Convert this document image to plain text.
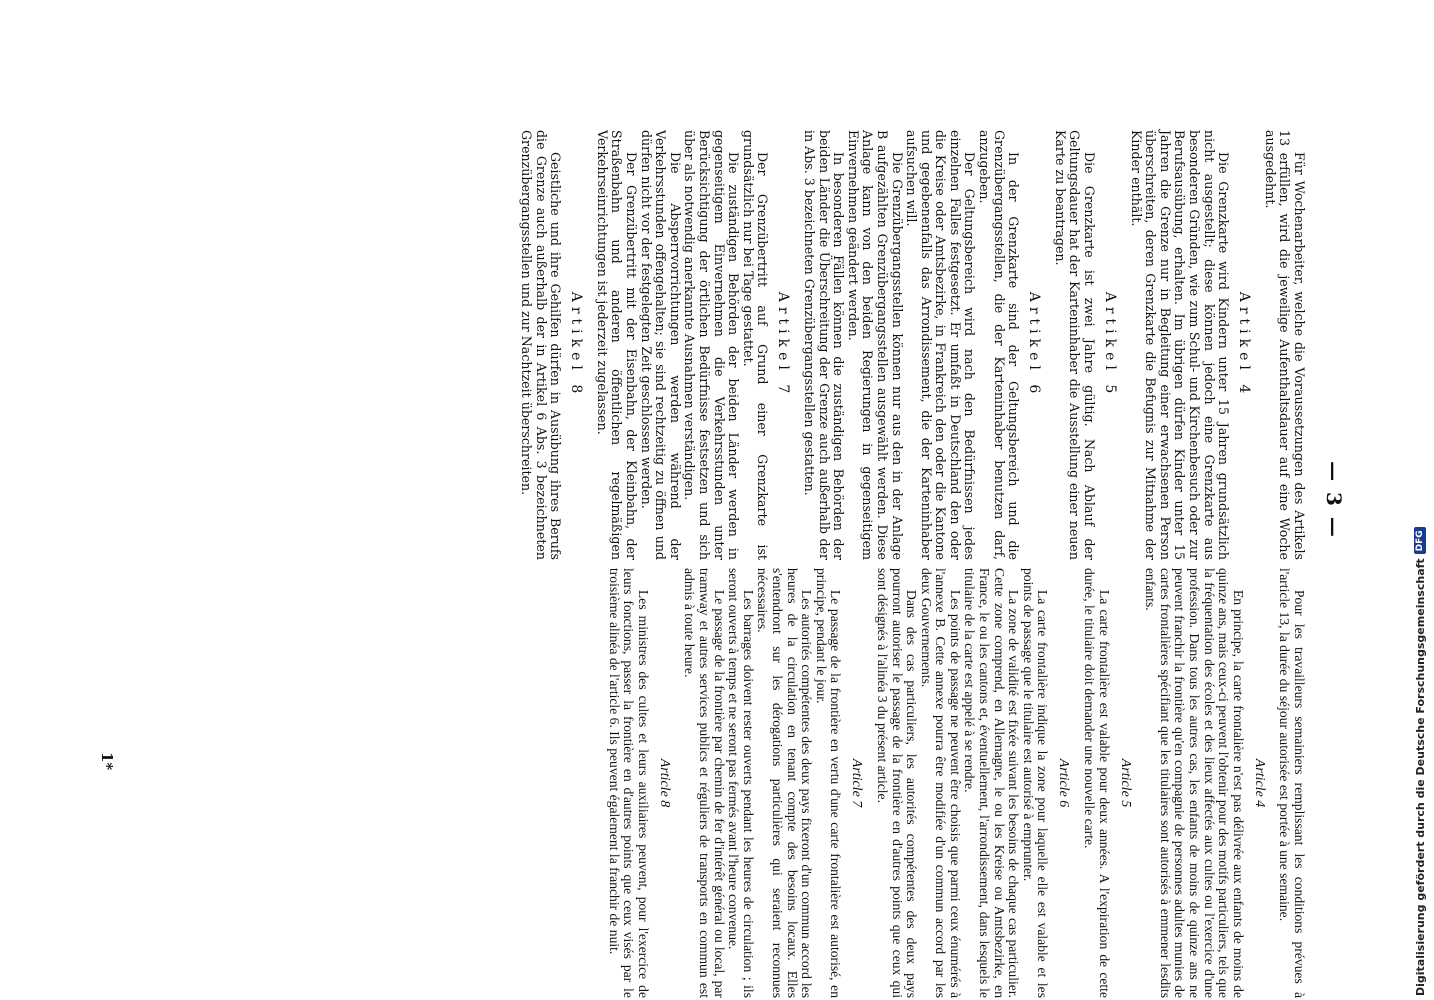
— 3 —

Für Wochenarbeiter, welche die Voraussetzungen des Artikels 13 erfüllen, wird die jeweilige Aufenthaltsdauer auf eine Woche ausgedehnt.

Artikel 4

Die Grenzkarte wird Kindern unter 15 Jahren grundsätzlich nicht ausgestellt; diese können jedoch eine Grenzkarte aus besonderen Gründen, wie zum Schul- und Kirchenbesuch oder zur Berufsausübung, erhalten. Im übrigen dürfen Kinder unter 15 Jahren die Grenze nur in Begleitung einer erwachsenen Person überschreiten, deren Grenzkarte die Befugnis zur Mitnahme der Kinder enthält.

Artikel 5

Die Grenzkarte ist zwei Jahre gültig. Nach Ablauf der Geltungsdauer hat der Karteninhaber die Ausstellung einer neuen Karte zu beantragen.

Artikel 6

In der Grenzkarte sind der Geltungsbereich und die Grenzübergangsstellen, die der Karteninhaber benutzen darf, anzugeben.

Der Geltungsbereich wird nach den Bedürfnissen jedes einzelnen Falles festgesetzt. Er umfaßt in Deutschland den oder die Kreise oder Amtsbezirke, in Frankreich den oder die Kantone und gegebenenfalls das Arrondissement, die der Karteninhaber aufsuchen will.

Die Grenzübergangsstellen können nur aus den in der Anlage B aufgezählten Grenzübergangsstellen ausgewählt werden. Diese Anlage kann von den beiden Regierungen in gegenseitigem Einvernehmen geändert werden.

In besonderen Fällen können die zuständigen Behörden der beiden Länder die Überschreitung der Grenze auch außerhalb der in Abs. 3 bezeichneten Grenzübergangsstellen gestatten.

Artikel 7

Der Grenzübertritt auf Grund einer Grenzkarte ist grundsätzlich nur bei Tage gestattet.

Die zuständigen Behörden der beiden Länder werden in gegenseitigem Einvernehmen die Verkehrsstunden unter Berücksichtigung der örtlichen Bedürfnisse festsetzen und sich über als notwendig anerkannte Ausnahmen verständigen.

Die Absperrvorrichtungen werden während der Verkehrsstunden offengehalten; sie sind rechtzeitig zu öffnen und dürfen nicht vor der festgelegten Zeit geschlossen werden.

Der Grenzübertritt mit der Eisenbahn, der Kleinbahn, der Straßenbahn und anderen öffentlichen regelmäßigen Verkehrseinrichtungen ist jederzeit zugelassen.

Artikel 8

Geistliche und ihre Gehilfen dürfen in Ausübung ihres Berufs die Grenze auch außerhalb der in Artikel 6 Abs. 3 bezeichneten Grenzübergangsstellen und zur Nachtzeit überschreiten.

Pour les travailleurs semainiers remplissant les conditions prévues à l'article 13, la durée du séjour autorisée est portée à une semaine.

Article 4

En principe, la carte frontalière n'est pas délivrée aux enfants de moins de quinze ans, mais ceux-ci peuvent l'obtenir pour des motifs particuliers, tels que la fréquentation des écoles et des lieux affectés aux cultes ou l'exercice d'une profession. Dans tous les autres cas, les enfants de moins de quinze ans ne peuvent franchir la frontière qu'en compagnie de personnes adultes munies de cartes frontalières spécifiant que les titulaires sont autorisés à emmener lesdits enfants.

Article 5

La carte frontalière est valable pour deux années. A l'expiration de cette durée, le titulaire doit demander une nouvelle carte.

Article 6

La carte frontalière indique la zone pour laquelle elle est valable et les points de passage que le titulaire est autorisé à emprunter.

La zone de validité est fixée suivant les besoins de chaque cas particulier. Cette zone comprend, en Allemagne, le ou les Kreise ou Amtsbezirke, en France, le ou les cantons et, éventuellement, l'arrondissement, dans lesquels le titulaire de la carte est appelé à se rendre.

Les points de passage ne peuvent être choisis que parmi ceux énumérés à l'annexe B. Cette annexe pourra être modifiée d'un commun accord par les deux Gouvernements.

Dans des cas particuliers, les autorités compétentes des deux pays pourront autoriser le passage de la frontière en d'autres points que ceux qui sont désignés à l'alinéa 3 du présent article.

Article 7

Le passage de la frontière en vertu d'une carte frontalière est autorisé, en principe, pendant le jour.

Les autorités compétentes des deux pays fixeront d'un commun accord les heures de la circulation en tenant compte des besoins locaux. Elles s'entendront sur les dérogations particulières qui seraient reconnues nécessaires.

Les barrages doivent rester ouverts pendant les heures de circulation ; ils seront ouverts à temps et ne seront pas fermés avant l'heure convenue.

Le passage de la frontière par chemin de fer d'intérêt général ou local, par tramway et autres services publics et réguliers de transports en commun est admis à toute heure.

Article 8

Les ministres des cultes et leurs auxiliaires peuvent, pour l'exercice de leurs fonctions, passer la frontière en d'autres points que ceux visés par le troisième alinéa de l'article 6. Ils peuvent également la franchir de nuit.

1*	Digitalisierung gefördert durch die Deutsche Forschungsgemeinschaft
DFG
